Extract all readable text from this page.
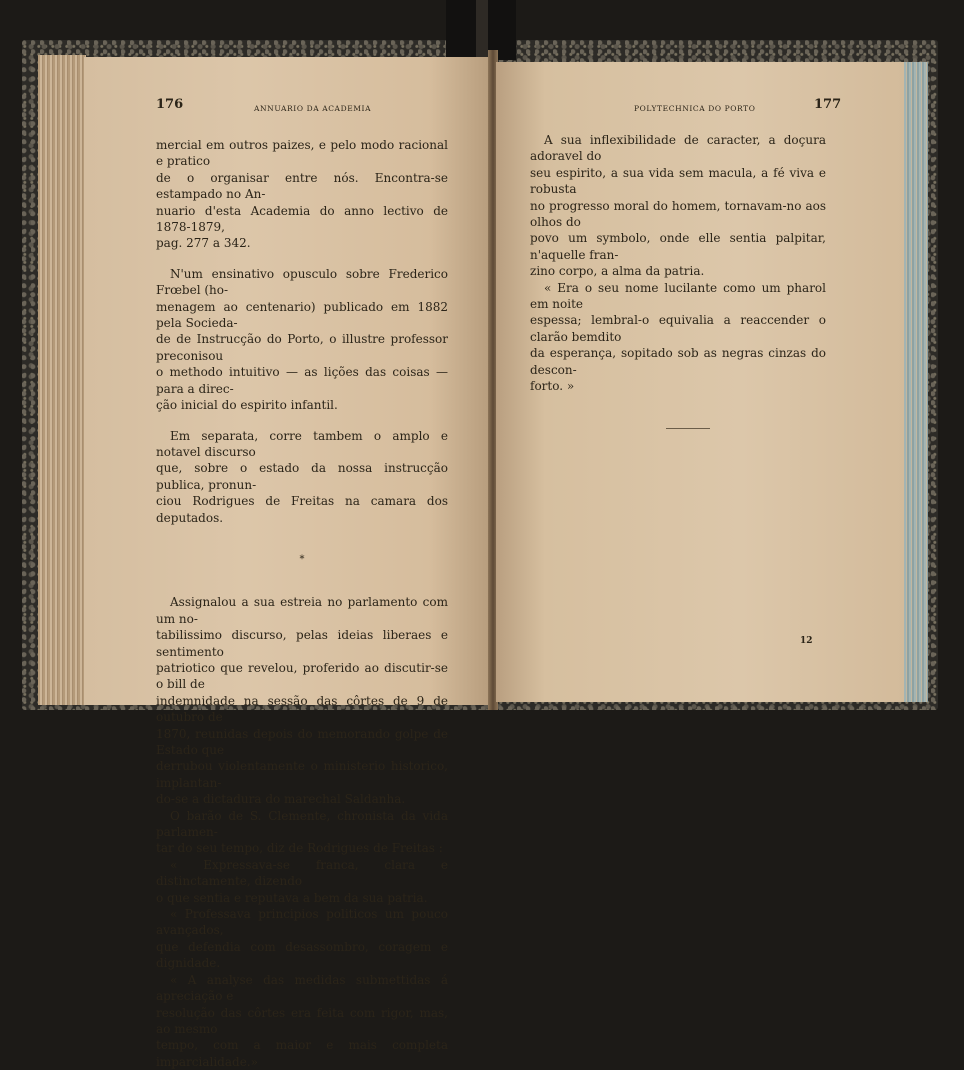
176	ANNUARIO DA ACADEMIA

mercial em outros paizes, e pelo modo racional e pratico
de o organisar entre nós. Encontra-se estampado no An-
nuario d'esta Academia do anno lectivo de 1878-1879,
pag. 277 a 342.

N'um ensinativo opusculo sobre Frederico Frœbel (ho-
menagem ao centenario) publicado em 1882 pela Socieda-
de de Instrucção do Porto, o illustre professor preconisou
o methodo intuitivo — as lições das coisas — para a direc-
ção inicial do espirito infantil.

Em separata, corre tambem o amplo e notavel discurso
que, sobre o estado da nossa instrucção publica, pronun-
ciou Rodrigues de Freitas na camara dos deputados.

*

Assignalou a sua estreia no parlamento com um no-
tabilissimo discurso, pelas ideias liberaes e sentimento
patriotico que revelou, proferido ao discutir-se o bill de
indemnidade na sessão das côrtes de 9 de outubro de
1870, reunidas depois do memorando golpe de Estado que
derrubou violentamente o ministerio historico, implantan-
do-se a dictadura do marechal Saldanha.

O barão de S. Clemente, chronista da vida parlamen-
tar do seu tempo, diz de Rodrigues de Freitas :

« Expressava-se franca, clara e distinctamente, dizendo
o que sentia e reputava a bem da sua patria.

« Professava principios politicos um pouco avançados,
que defendia com desassombro, coragem e dignidade.

« A analyse das medidas submettidas á apreciação e
resolução das côrtes era feita com rigor, mas, ao mesmo
tempo, com a maior e mais completa imparcialidade.»

POLYTECHNICA DO PORTO	177

A sua inflexibilidade de caracter, a doçura adoravel do
seu espirito, a sua vida sem macula, a fé viva e robusta
no progresso moral do homem, tornavam-no aos olhos do
povo um symbolo, onde elle sentia palpitar, n'aquelle fran-
zino corpo, a alma da patria.

« Era o seu nome lucilante como um pharol em noite
espessa; lembral-o equivalia a reaccender o clarão bemdito
da esperança, sopitado sob as negras cinzas do descon-
forto. »

12
